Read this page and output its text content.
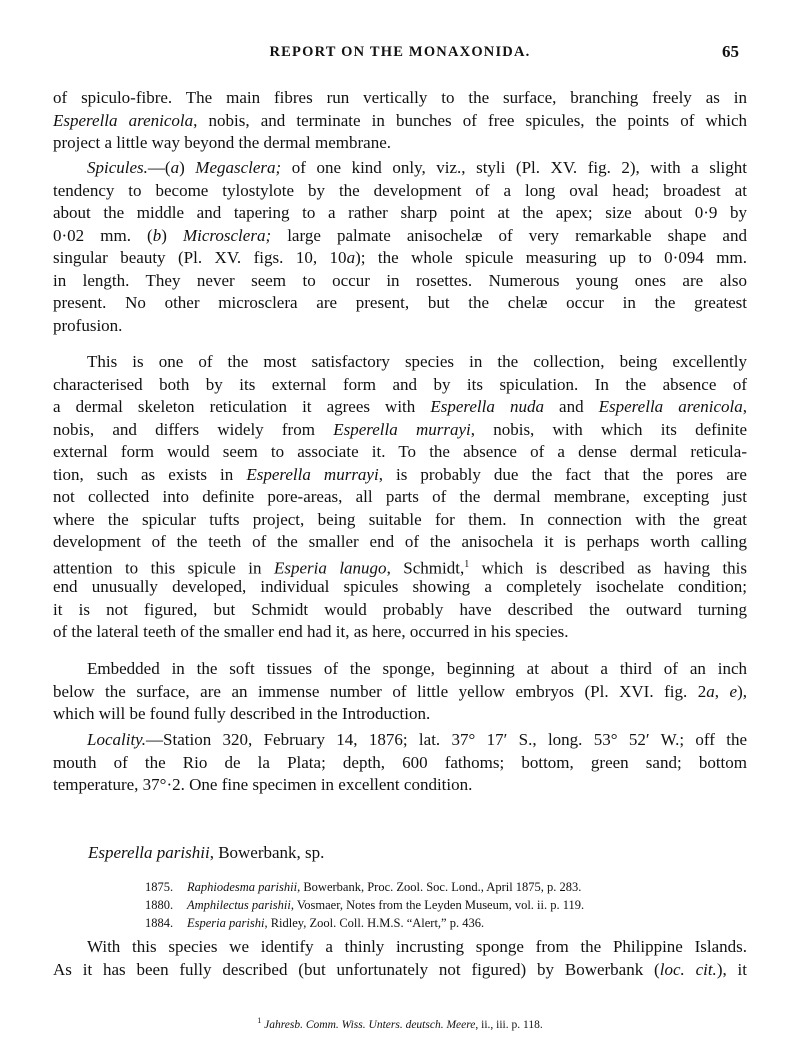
REPORT ON THE MONAXONIDA.	65
of spiculo-fibre. The main fibres run vertically to the surface, branching freely as in
Esperella arenicola, nobis, and terminate in bunches of free spicules, the points of which
project a little way beyond the dermal membrane.
Spicules.—(a) Megasclera; of one kind only, viz., styli (Pl. XV. fig. 2), with a slight
tendency to become tylostylote by the development of a long oval head; broadest at
about the middle and tapering to a rather sharp point at the apex; size about 0·9 by
0·02 mm. (b) Microsclera; large palmate anisochelæ of very remarkable shape and
singular beauty (Pl. XV. figs. 10, 10a); the whole spicule measuring up to 0·094 mm.
in length. They never seem to occur in rosettes. Numerous young ones are also
present. No other microsclera are present, but the chelæ occur in the greatest
profusion.
This is one of the most satisfactory species in the collection, being excellently
characterised both by its external form and by its spiculation. In the absence of
a dermal skeleton reticulation it agrees with Esperella nuda and Esperella arenicola,
nobis, and differs widely from Esperella murrayi, nobis, with which its definite
external form would seem to associate it. To the absence of a dense dermal reticula-
tion, such as exists in Esperella murrayi, is probably due the fact that the pores are
not collected into definite pore-areas, all parts of the dermal membrane, excepting just
where the spicular tufts project, being suitable for them. In connection with the great
development of the teeth of the smaller end of the anisochela it is perhaps worth calling
attention to this spicule in Esperia lanugo, Schmidt,$^1$ which is described as having this
end unusually developed, individual spicules showing a completely isochelate condition;
it is not figured, but Schmidt would probably have described the outward turning
of the lateral teeth of the smaller end had it, as here, occurred in his species.
Embedded in the soft tissues of the sponge, beginning at about a third of an inch
below the surface, are an immense number of little yellow embryos (Pl. XVI. fig. 2a, e),
which will be found fully described in the Introduction.
Locality.—Station 320, February 14, 1876; lat. 37° 17′ S., long. 53° 52′ W.; off the
mouth of the Rio de la Plata; depth, 600 fathoms; bottom, green sand; bottom
temperature, 37°·2. One fine specimen in excellent condition.
Esperella parishii, Bowerbank, sp.
1875. Raphiodesma parishii, Bowerbank, Proc. Zool. Soc. Lond., April 1875, p. 283.
1880. Amphilectus parishii, Vosmaer, Notes from the Leyden Museum, vol. ii. p. 119.
1884. Esperia parishi, Ridley, Zool. Coll. H.M.S. “Alert,” p. 436.
With this species we identify a thinly incrusting sponge from the Philippine Islands.
As it has been fully described (but unfortunately not figured) by Bowerbank (loc. cit.), it
$^1$ Jahresb. Comm. Wiss. Unters. deutsch. Meere, ii., iii. p. 118.
